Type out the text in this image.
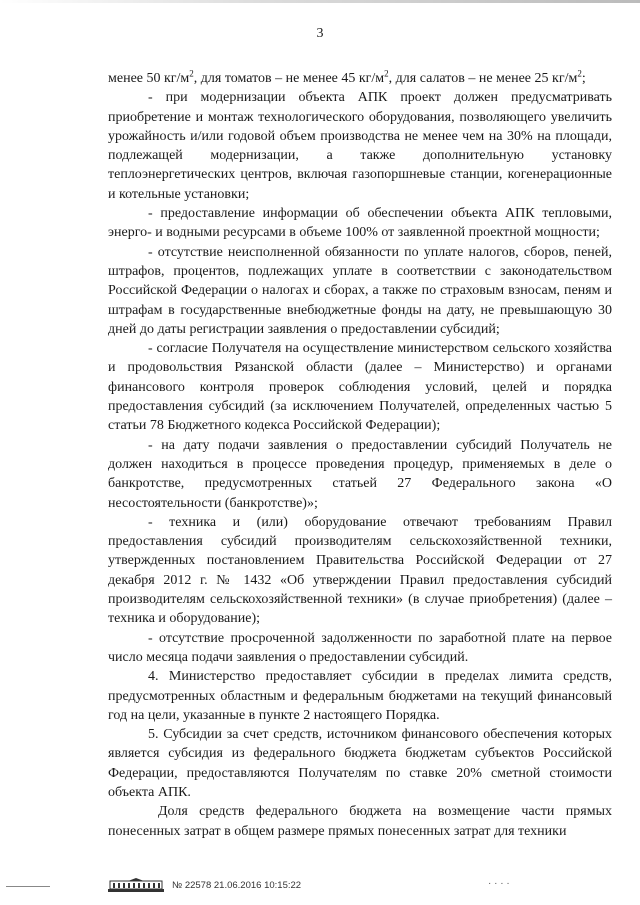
3

менее 50 $кг/м^2$, для томатов – не менее 45 $кг/м^2$, для салатов – не менее 25 $кг/м^2$;

- при модернизации объекта АПК проект должен предусматривать приобретение и монтаж технологического оборудования, позволяющего увеличить урожайность и/или годовой объем производства не менее чем на 30% на площади, подлежащей модернизации, а также дополнительную установку теплоэнергетических центров, включая газопоршневые станции, когенерационные и котельные установки;

- предоставление информации об обеспечении объекта АПК тепловыми, энерго- и водными ресурсами в объеме 100% от заявленной проектной мощности;

- отсутствие неисполненной обязанности по уплате налогов, сборов, пеней, штрафов, процентов, подлежащих уплате в соответствии с законодательством Российской Федерации о налогах и сборах, а также по страховым взносам, пеням и штрафам в государственные внебюджетные фонды на дату, не превышающую 30 дней до даты регистрации заявления о предоставлении субсидий;

- согласие Получателя на осуществление министерством сельского хозяйства и продовольствия Рязанской области (далее – Министерство) и органами финансового контроля проверок соблюдения условий, целей и порядка предоставления субсидий (за исключением Получателей, определенных частью 5 статьи 78 Бюджетного кодекса Российской Федерации);

- на дату подачи заявления о предоставлении субсидий Получатель не должен находиться в процессе проведения процедур, применяемых в деле о банкротстве, предусмотренных статьей 27 Федерального закона «О несостоятельности (банкротстве)»;

- техника и (или) оборудование отвечают требованиям Правил предоставления субсидий производителям сельскохозяйственной техники, утвержденных постановлением Правительства Российской Федерации от 27 декабря 2012 г. № 1432 «Об утверждении Правил предоставления субсидий производителям сельскохозяйственной техники» (в случае приобретения) (далее – техника и оборудование);

- отсутствие просроченной задолженности по заработной плате на первое число месяца подачи заявления о предоставлении субсидий.

4. Министерство предоставляет субсидии в пределах лимита средств, предусмотренных областным и федеральным бюджетами на текущий финансовый год на цели, указанные в пункте 2 настоящего Порядка.

5. Субсидии за счет средств, источником финансового обеспечения которых является субсидия из федерального бюджета бюджетам субъектов Российской Федерации, предоставляются Получателям по ставке 20% сметной стоимости объекта АПК.

Доля средств федерального бюджета на возмещение части прямых понесенных затрат в общем размере прямых понесенных затрат для техники

№ 22578 21.06.2016 10:15:22	· · · ·
